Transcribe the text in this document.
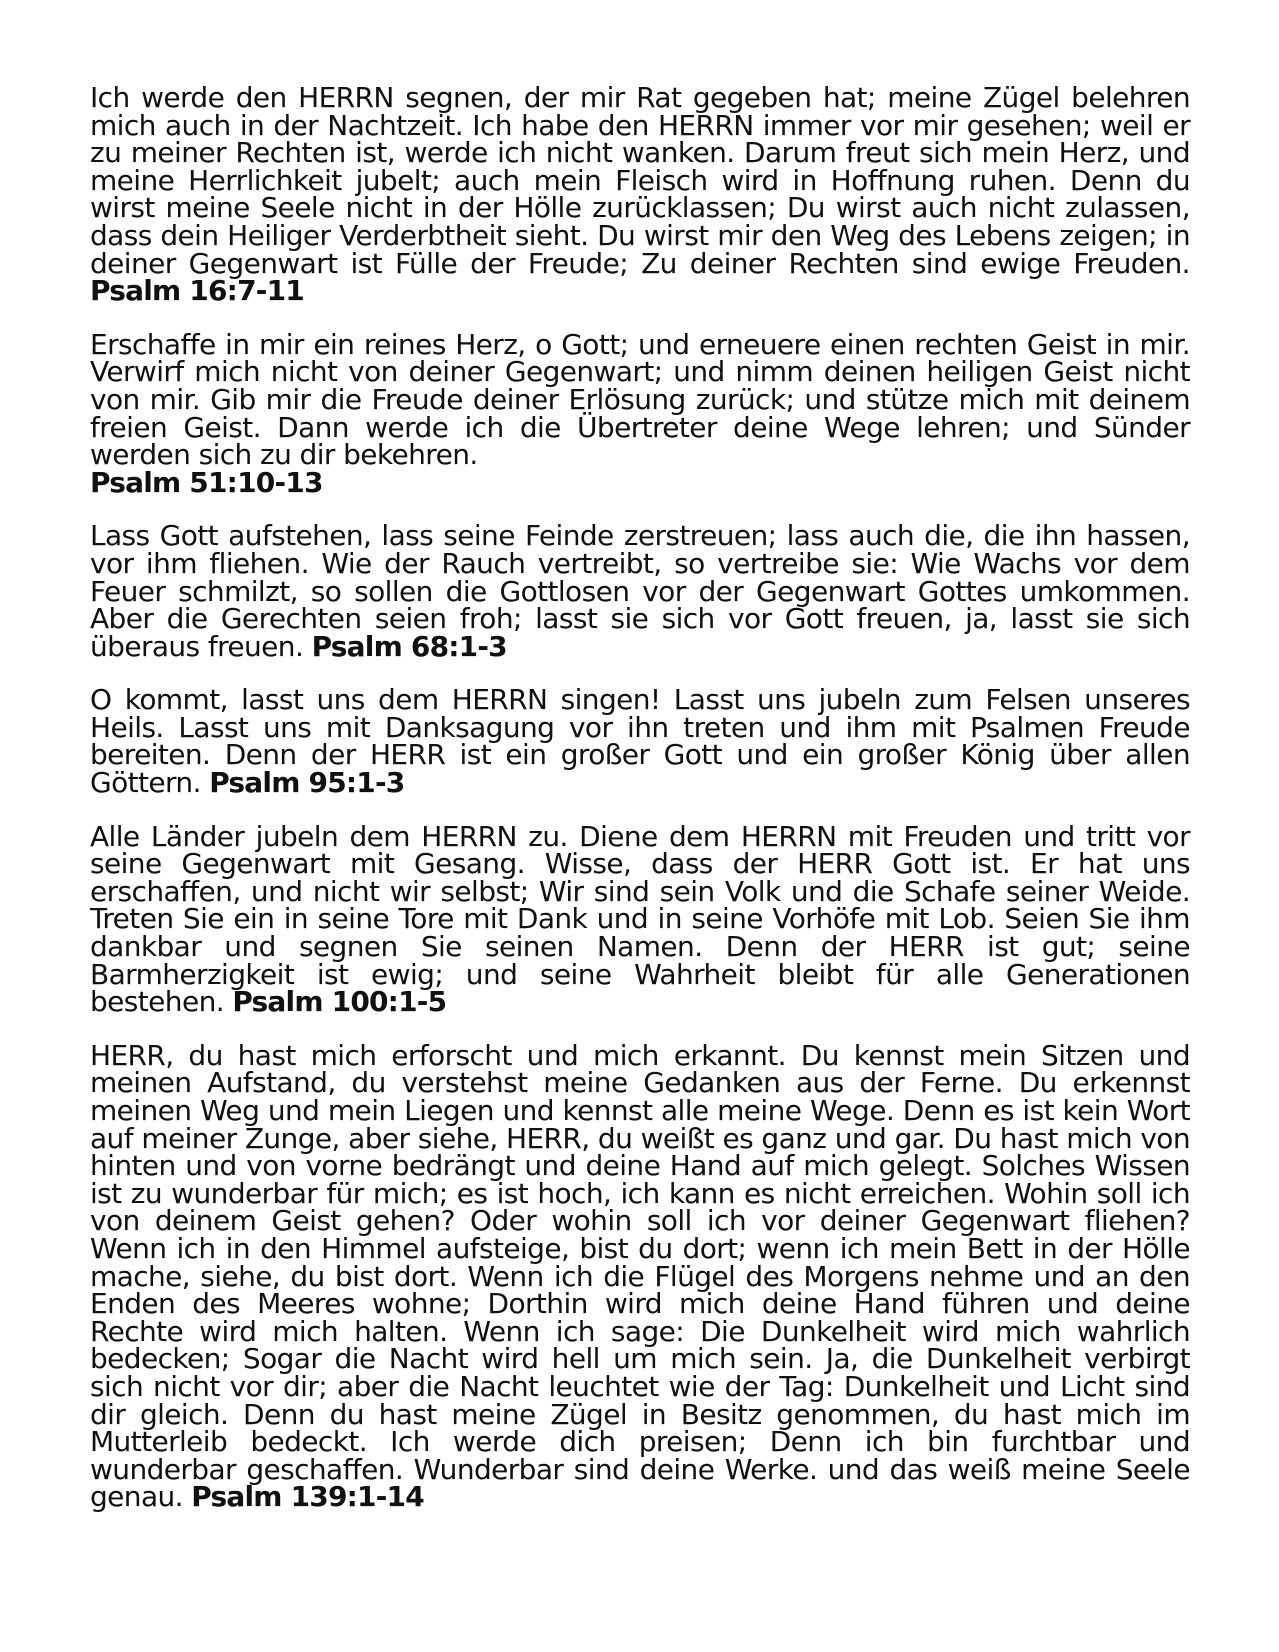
Ich werde den HERRN segnen, der mir Rat gegeben hat; meine Zügel belehren mich auch in der Nachtzeit. Ich habe den HERRN immer vor mir gesehen; weil er zu meiner Rechten ist, werde ich nicht wanken. Darum freut sich mein Herz, und meine Herrlichkeit jubelt; auch mein Fleisch wird in Hoffnung ruhen. Denn du wirst meine Seele nicht in der Hölle zurücklassen; Du wirst auch nicht zulassen, dass dein Heiliger Verderbtheit sieht. Du wirst mir den Weg des Lebens zeigen; in deiner Gegenwart ist Fülle der Freude; Zu deiner Rechten sind ewige Freuden. Psalm 16:7-11

Erschaffe in mir ein reines Herz, o Gott; und erneuere einen rechten Geist in mir. Verwirf mich nicht von deiner Gegenwart; und nimm deinen heiligen Geist nicht von mir. Gib mir die Freude deiner Erlösung zurück; und stütze mich mit deinem freien Geist. Dann werde ich die Übertreter deine Wege lehren; und Sünder werden sich zu dir bekehren.
Psalm 51:10-13

Lass Gott aufstehen, lass seine Feinde zerstreuen; lass auch die, die ihn hassen, vor ihm fliehen. Wie der Rauch vertreibt, so vertreibe sie: Wie Wachs vor dem Feuer schmilzt, so sollen die Gottlosen vor der Gegenwart Gottes umkommen. Aber die Gerechten seien froh; lasst sie sich vor Gott freuen, ja, lasst sie sich überaus freuen. Psalm 68:1-3

O kommt, lasst uns dem HERRN singen! Lasst uns jubeln zum Felsen unseres Heils. Lasst uns mit Danksagung vor ihn treten und ihm mit Psalmen Freude bereiten. Denn der HERR ist ein großer Gott und ein großer König über allen Göttern. Psalm 95:1-3

Alle Länder jubeln dem HERRN zu. Diene dem HERRN mit Freuden und tritt vor seine Gegenwart mit Gesang. Wisse, dass der HERR Gott ist. Er hat uns erschaffen, und nicht wir selbst; Wir sind sein Volk und die Schafe seiner Weide. Treten Sie ein in seine Tore mit Dank und in seine Vorhöfe mit Lob. Seien Sie ihm dankbar und segnen Sie seinen Namen. Denn der HERR ist gut; seine Barmherzigkeit ist ewig; und seine Wahrheit bleibt für alle Generationen bestehen. Psalm 100:1-5

HERR, du hast mich erforscht und mich erkannt. Du kennst mein Sitzen und meinen Aufstand, du verstehst meine Gedanken aus der Ferne. Du erkennst meinen Weg und mein Liegen und kennst alle meine Wege. Denn es ist kein Wort auf meiner Zunge, aber siehe, HERR, du weißt es ganz und gar. Du hast mich von hinten und von vorne bedrängt und deine Hand auf mich gelegt. Solches Wissen ist zu wunderbar für mich; es ist hoch, ich kann es nicht erreichen. Wohin soll ich von deinem Geist gehen? Oder wohin soll ich vor deiner Gegenwart fliehen? Wenn ich in den Himmel aufsteige, bist du dort; wenn ich mein Bett in der Hölle mache, siehe, du bist dort. Wenn ich die Flügel des Morgens nehme und an den Enden des Meeres wohne; Dorthin wird mich deine Hand führen und deine Rechte wird mich halten. Wenn ich sage: Die Dunkelheit wird mich wahrlich bedecken; Sogar die Nacht wird hell um mich sein. Ja, die Dunkelheit verbirgt sich nicht vor dir; aber die Nacht leuchtet wie der Tag: Dunkelheit und Licht sind dir gleich. Denn du hast meine Zügel in Besitz genommen, du hast mich im Mutterleib bedeckt. Ich werde dich preisen; Denn ich bin furchtbar und wunderbar geschaffen. Wunderbar sind deine Werke. und das weiß meine Seele genau. Psalm 139:1-14
